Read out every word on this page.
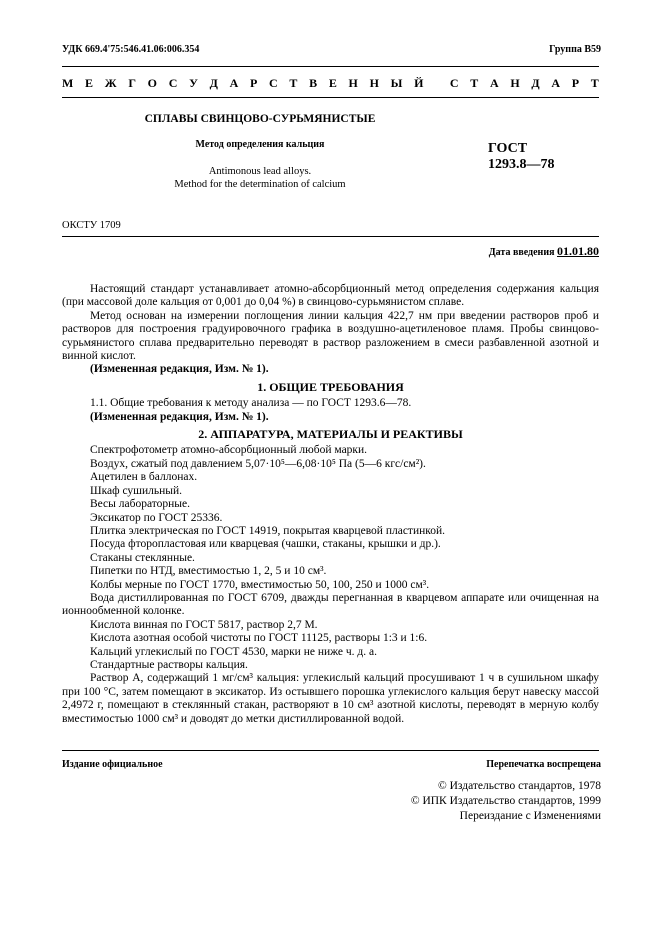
УДК 669.4'75:546.41.06:006.354	Группа В59
М Е Ж Г О С У Д А Р С Т В Е Н Н Ы Й
С Т А Н Д А Р Т
СПЛАВЫ СВИНЦОВО-СУРЬМЯНИСТЫЕ
Метод определения кальция
Antimonous lead alloys.
Method for the determination of calcium
ГОСТ
1293.8—78
ОКСТУ 1709
Дата введения 01.01.80

Настоящий стандарт устанавливает атомно-абсорбционный метод определения содержания кальция (при массовой доле кальция от 0,001 до 0,04 %) в свинцово-сурьмянистом сплаве.

Метод основан на измерении поглощения линии кальция 422,7 нм при введении растворов проб и растворов для построения градуировочного графика в воздушно-ацетиленовое пламя. Пробы свинцово-сурьмянистого сплава предварительно переводят в раствор разложением в смеси разбавленной азотной и винной кислот.

(Измененная редакция, Изм. № 1).

1. ОБЩИЕ ТРЕБОВАНИЯ

1.1. Общие требования к методу анализа — по ГОСТ 1293.6—78.

(Измененная редакция, Изм. № 1).

2. АППАРАТУРА, МАТЕРИАЛЫ И РЕАКТИВЫ

Спектрофотометр атомно-абсорбционный любой марки.

Воздух, сжатый под давлением 5,07·10⁵—6,08·10⁵ Па (5—6 кгс/см²).

Ацетилен в баллонах.

Шкаф сушильный.

Весы лабораторные.

Эксикатор по ГОСТ 25336.

Плитка электрическая по ГОСТ 14919, покрытая кварцевой пластинкой.

Посуда фторопластовая или кварцевая (чашки, стаканы, крышки и др.).

Стаканы стеклянные.

Пипетки по НТД, вместимостью 1, 2, 5 и 10 см³.

Колбы мерные по ГОСТ 1770, вместимостью 50, 100, 250 и 1000 см³.

Вода дистиллированная по ГОСТ 6709, дважды перегнанная в кварцевом аппарате или очищенная на ионнообменной колонке.

Кислота винная по ГОСТ 5817, раствор 2,7 М.

Кислота азотная особой чистоты по ГОСТ 11125, растворы 1:3 и 1:6.

Кальций углекислый по ГОСТ 4530, марки не ниже ч. д. а.

Стандартные растворы кальция.

Раствор А, содержащий 1 мг/см³ кальция: углекислый кальций просушивают 1 ч в сушильном шкафу при 100 °С, затем помещают в эксикатор. Из остывшего порошка углекислого кальция берут навеску массой 2,4972 г, помещают в стеклянный стакан, растворяют в 10 см³ азотной кислоты, переводят в мерную колбу вместимостью 1000 см³ и доводят до метки дистиллированной водой.

Издание официальное	Перепечатка воспрещена
© Издательство стандартов, 1978
© ИПК Издательство стандартов, 1999
Переиздание с Изменениями
